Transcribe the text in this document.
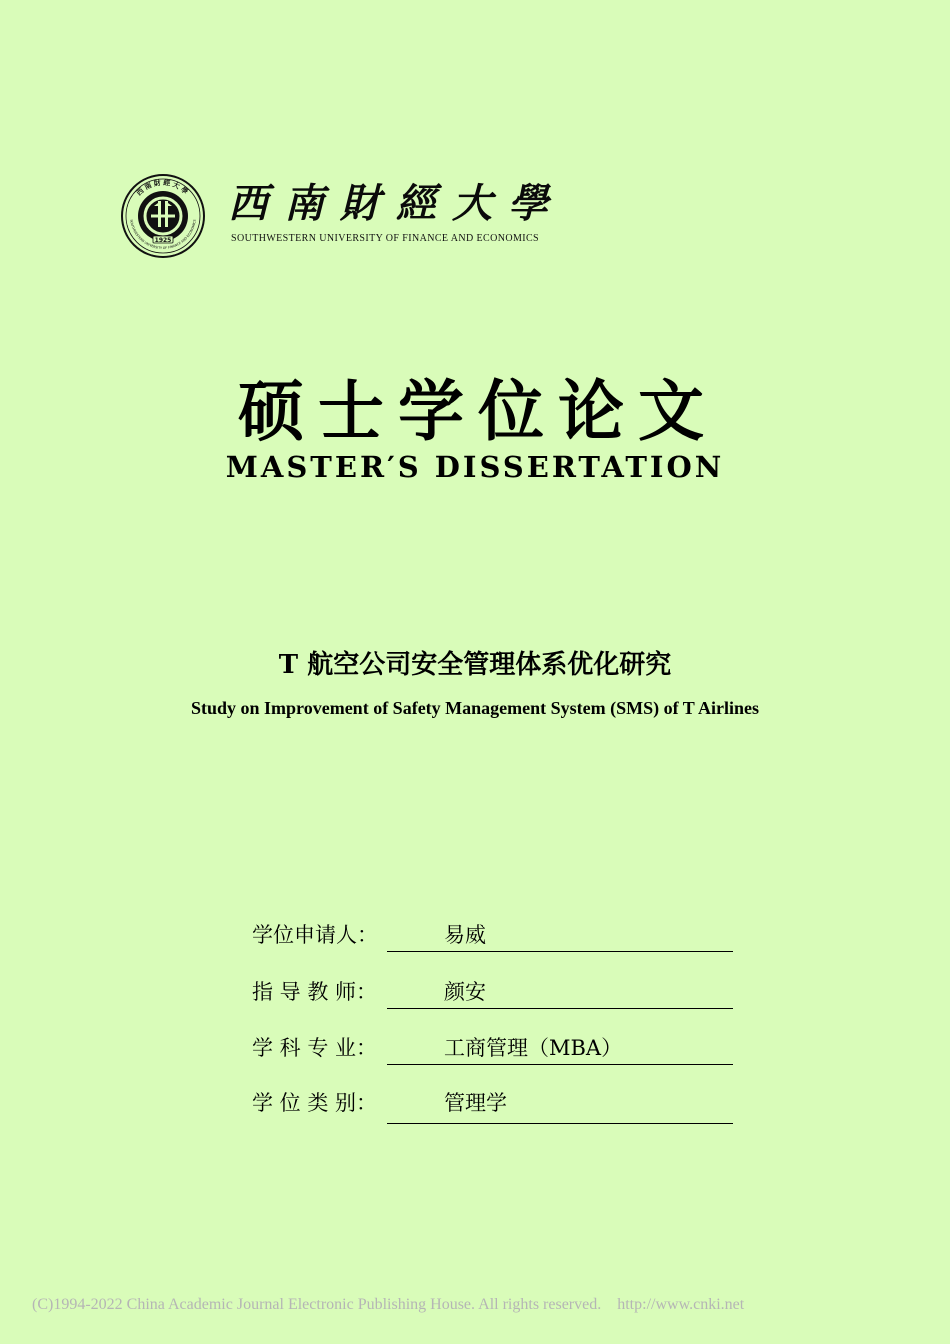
1925
西南財經大學
SOUTHWESTERN UNIVERSITY OF FINANCE AND ECONOMICS 西南財經大學
SOUTHWESTERN UNIVERSITY OF FINANCE AND ECONOMICS
硕士学位论文
MASTER′S DISSERTATION
T 航空公司安全管理体系优化研究
Study on Improvement of Safety Management System (SMS) of T Airlines
学位申请人：	易威
指 导 教 师：	颜安
学 科 专 业：	工商管理（MBA）
学 位 类 别：	管理学
(C)1994-2022 China Academic Journal Electronic Publishing House. All rights reserved. http://www.cnki.net
